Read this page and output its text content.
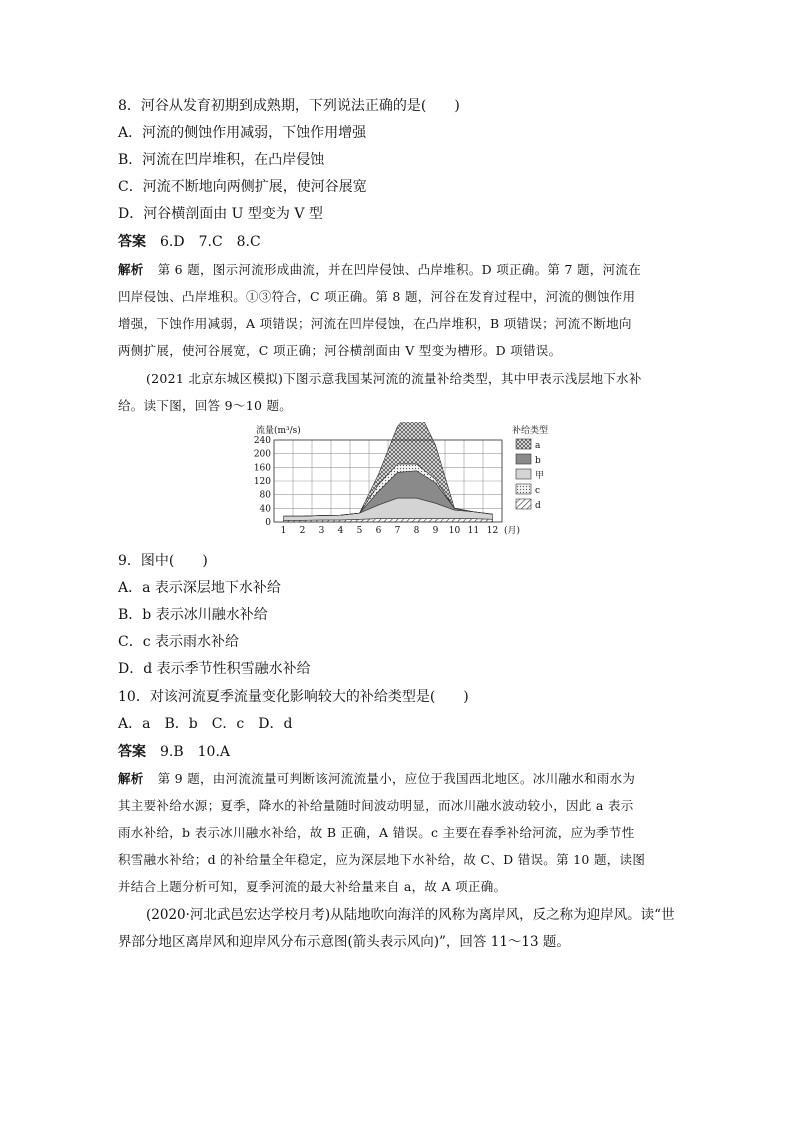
8．河谷从发育初期到成熟期，下列说法正确的是(　　)
A．河流的侧蚀作用减弱，下蚀作用增强
B．河流在凹岸堆积，在凸岸侵蚀
C．河流不断地向两侧扩展，使河谷展宽
D．河谷横剖面由 U 型变为 V 型
答案 6.D　7.C　8.C
解析 第 6 题，图示河流形成曲流，并在凹岸侵蚀、凸岸堆积。D 项正确。第 7 题，河流在
凹岸侵蚀、凸岸堆积。①③符合，C 项正确。第 8 题，河谷在发育过程中，河流的侧蚀作用
增强，下蚀作用减弱，A 项错误；河流在凹岸侵蚀，在凸岸堆积，B 项错误；河流不断地向
两侧扩展，使河谷展宽，C 项正确；河谷横剖面由 V 型变为槽形。D 项错误。
(2021 北京东城区模拟)下图示意我国某河流的流量补给类型，其中甲表示浅层地下水补
给。读下图，回答 9～10 题。
0
40
80
120
160
200
240
1 2 3 4 5 6 7 8 9 10 11 12 (月)
流量(m³/s)	补给类型
a
b
甲
c
d
9．图中(　　)
A．a 表示深层地下水补给
B．b 表示冰川融水补给
C．c 表示雨水补给
D．d 表示季节性积雪融水补给
10．对该河流夏季流量变化影响较大的补给类型是(　　)
A．a　B．b　C．c　D．d
答案 9.B　10.A
解析 第 9 题，由河流流量可判断该河流流量小，应位于我国西北地区。冰川融水和雨水为
其主要补给水源；夏季，降水的补给量随时间波动明显，而冰川融水波动较小，因此 a 表示
雨水补给，b 表示冰川融水补给，故 B 正确，A 错误。c 主要在春季补给河流，应为季节性
积雪融水补给；d 的补给量全年稳定，应为深层地下水补给，故 C、D 错误。第 10 题，读图
并结合上题分析可知，夏季河流的最大补给量来自 a，故 A 项正确。
(2020·河北武邑宏达学校月考)从陆地吹向海洋的风称为离岸风，反之称为迎岸风。读“世
界部分地区离岸风和迎岸风分布示意图(箭头表示风向)”，回答 11～13 题。
